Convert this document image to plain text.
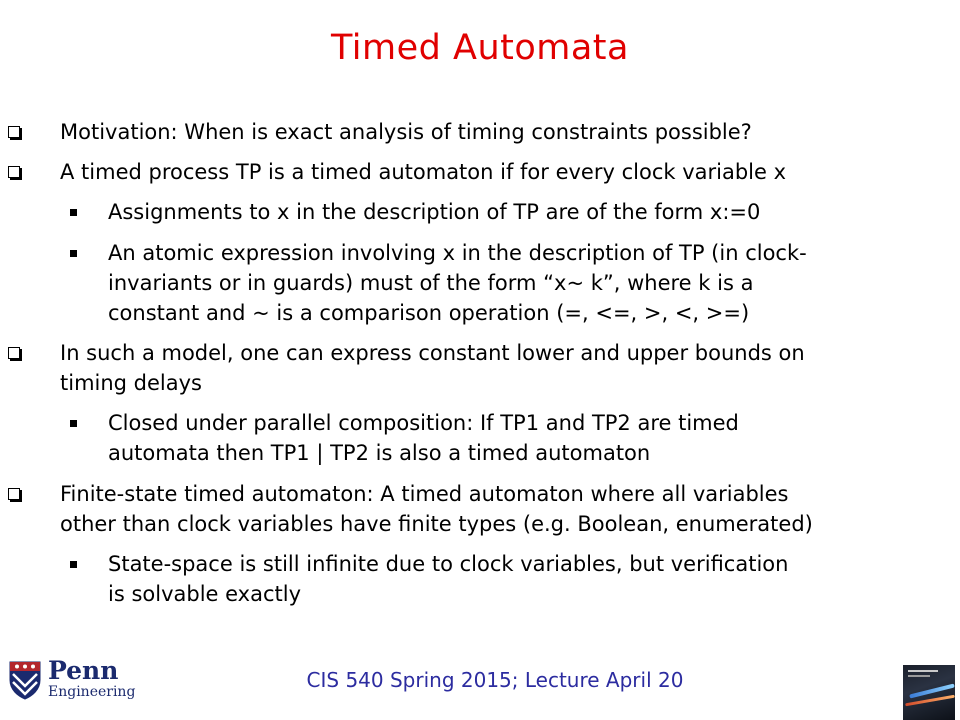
Timed Automata
Motivation: When is exact analysis of timing constraints possible?
A timed process TP is a timed automaton if for every clock variable x
Assignments to x in the description of TP are of the form x:=0
An atomic expression involving x in the description of TP (in clock-
invariants or in guards) must of the form “x~ k”, where k is a
constant and ~ is a comparison operation (=, <=, >, <, >=)
In such a model, one can express constant lower and upper bounds on
timing delays
Closed under parallel composition: If TP1 and TP2 are timed
automata then TP1 | TP2 is also a timed automaton
Finite-state timed automaton: A timed automaton where all variables
other than clock variables have finite types (e.g. Boolean, enumerated)
State-space is still infinite due to clock variables, but verification
is solvable exactly
Penn
Engineering	CIS 540 Spring 2015; Lecture April 20
